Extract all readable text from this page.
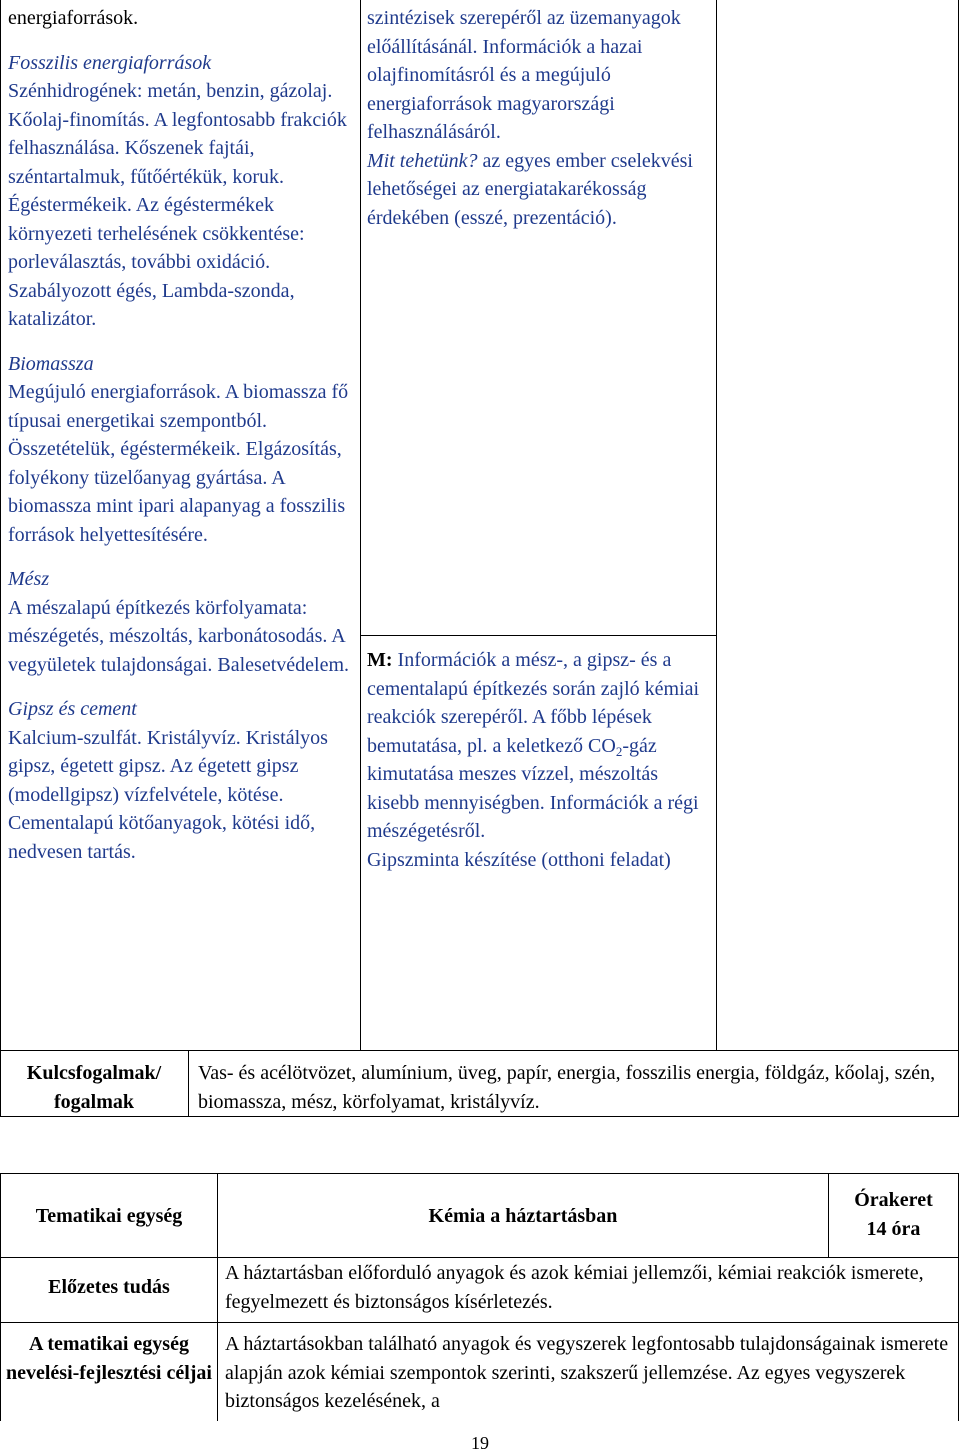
energiaforrások.

Fosszilis energiaforrások

Szénhidrogének: metán, benzin, gázolaj. Kőolaj-finomítás. A legfontosabb frakciók felhasználása. Kőszenek fajtái, széntartalmuk, fűtőértékük, koruk. Égéstermékeik. Az égéstermékek környezeti terhelésének csökkentése: porleválasztás, további oxidáció. Szabályozott égés, Lambda-szonda, katalizátor.

Biomassza

Megújuló energiaforrások. A biomassza fő típusai energetikai szempontból. Összetételük, égéstermékeik. Elgázosítás, folyékony tüzelőanyag gyártása. A biomassza mint ipari alapanyag a fosszilis források helyettesítésére.

Mész

A mészalapú építkezés körfolyamata: mészégetés, mészoltás, karbonátosodás. A vegyületek tulajdonságai. Balesetvédelem.

Gipsz és cement

Kalcium-szulfát. Kristályvíz. Kristályos gipsz, égetett gipsz. Az égetett gipsz (modellgipsz) vízfelvétele, kötése. Cementalapú kötőanyagok, kötési idő, nedvesen tartás.

szintézisek szerepéről az üzemanyagok előállításánál. Információk a hazai olajfinomításról és a megújuló energiaforrások magyarországi felhasználásáról.

Mit tehetünk? az egyes ember cselekvési lehetőségei az energiatakarékosság érdekében (esszé, prezentáció).

M: Információk a mész-, a gipsz- és a cementalapú építkezés során zajló kémiai reakciók szerepéről. A főbb lépések bemutatása, pl. a keletkező $CO_2$-gáz kimutatása meszes vízzel, mészoltás kisebb mennyiségben. Információk a régi mészégetésről.

Gipszminta készítése (otthoni feladat)

Kulcsfogalmak/ fogalmak
Vas- és acélötvözet, alumínium, üveg, papír, energia, fosszilis energia, földgáz, kőolaj, szén, biomassza, mész, körfolyamat, kristályvíz.
Tematikai egység	Kémia a háztartásban

Órakeret

14 óra

Előzetes tudás
A háztartásban előforduló anyagok és azok kémiai jellemzői, kémiai reakciók ismerete, fegyelmezett és biztonságos kísérletezés.
A tematikai egység nevelési-fejlesztési céljai
A háztartásokban található anyagok és vegyszerek legfontosabb tulajdonságainak ismerete alapján azok kémiai szempontok szerinti, szakszerű jellemzése. Az egyes vegyszerek biztonságos kezelésének, a
19
